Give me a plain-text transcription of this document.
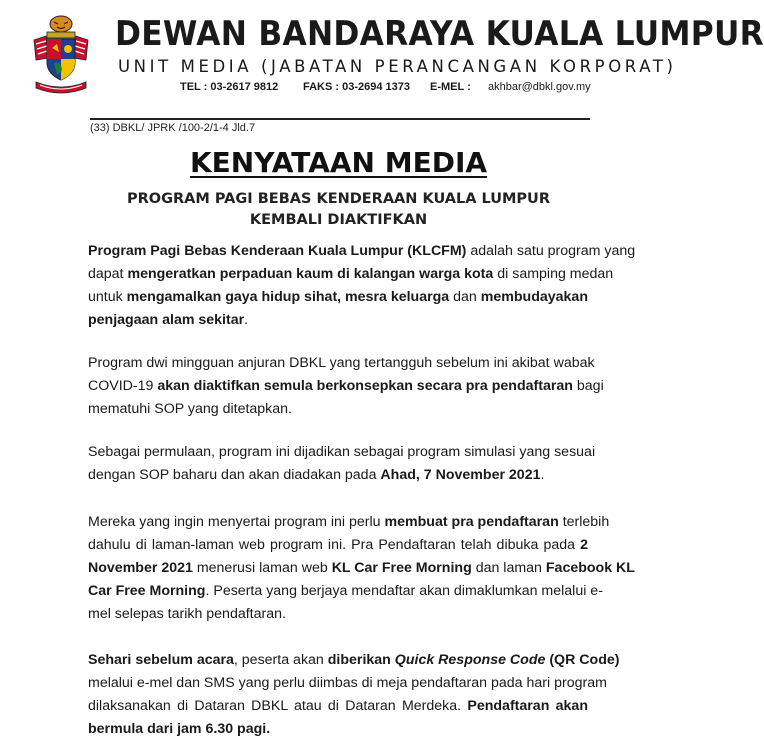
DEWAN BANDARAYA KUALA LUMPUR
UNIT MEDIA (JABATAN PERANCANGAN KORPORAT)
TEL : 03-2617 9812 FAKS : 03-2694 1373 E-MEL : akhbar@dbkl.gov.my
(33) DBKL/ JPRK /100-2/1-4 Jld.7
KENYATAAN MEDIA
PROGRAM PAGI BEBAS KENDERAAN KUALA LUMPUR
KEMBALI DIAKTIFKAN
Program Pagi Bebas Kenderaan Kuala Lumpur (KLCFM) adalah satu program yang
dapat mengeratkan perpaduan kaum di kalangan warga kota di samping medan
untuk mengamalkan gaya hidup sihat, mesra keluarga dan membudayakan
penjagaan alam sekitar.
Program dwi mingguan anjuran DBKL yang tertangguh sebelum ini akibat wabak
COVID-19 akan diaktifkan semula berkonsepkan secara pra pendaftaran bagi
mematuhi SOP yang ditetapkan.
Sebagai permulaan, program ini dijadikan sebagai program simulasi yang sesuai
dengan SOP baharu dan akan diadakan pada Ahad, 7 November 2021.
Mereka yang ingin menyertai program ini perlu membuat pra pendaftaran terlebih
dahulu di laman-laman web program ini. Pra Pendaftaran telah dibuka pada 2
November 2021 menerusi laman web KL Car Free Morning dan laman Facebook KL
Car Free Morning. Peserta yang berjaya mendaftar akan dimaklumkan melalui e-
mel selepas tarikh pendaftaran.
Sehari sebelum acara, peserta akan diberikan Quick Response Code (QR Code)
melalui e-mel dan SMS yang perlu diimbas di meja pendaftaran pada hari program
dilaksanakan di Dataran DBKL atau di Dataran Merdeka. Pendaftaran akan
bermula dari jam 6.30 pagi.
